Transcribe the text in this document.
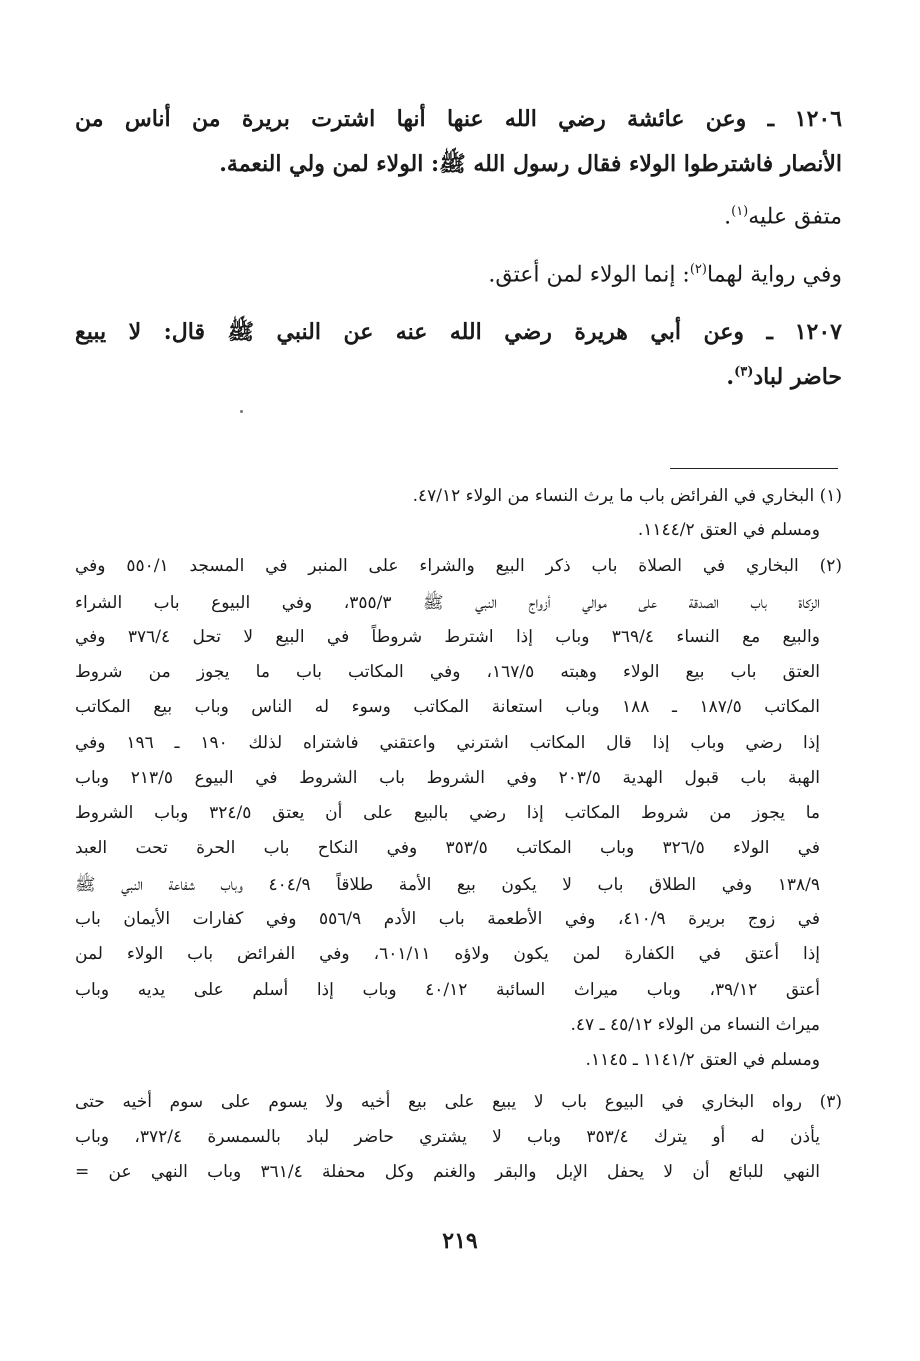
١٢٠٦ ـ وعن عائشة رضي الله عنها أنها اشترت بريرة من أناس من
الأنصار فاشترطوا الولاء فقال رسول الله ﷺ: الولاء لمن ولي النعمة.
متفق عليه$^{(١)}$.
وفي رواية لهما$^{(٢)}$: إنما الولاء لمن أعتق.
١٢٠٧ ـ وعن أبي هريرة رضي الله عنه عن النبي ﷺ قال: لا يبيع
حاضر لباد$^{(٣)}$.
(١) البخاري في الفرائض باب ما يرث النساء من الولاء ٤٧/١٢.
ومسلم في العتق ١١٤٤/٢.
(٢) البخاري في الصلاة باب ذكر البيع والشراء على المنبر في المسجد ٥٥٠/١ وفي
الزكاة باب الصدقة على موالي أزواج النبي ﷺ ٣٥٥/٣، وفي البيوع باب الشراء
والبيع مع النساء ٣٦٩/٤ وباب إذا اشترط شروطاً في البيع لا تحل ٣٧٦/٤ وفي
العتق باب بيع الولاء وهبته ١٦٧/٥، وفي المكاتب باب ما يجوز من شروط
المكاتب ١٨٧/٥ ـ ١٨٨ وباب استعانة المكاتب وسوء له الناس وباب بيع المكاتب
إذا رضي وباب إذا قال المكاتب اشترني واعتقني فاشتراه لذلك ١٩٠ ـ ١٩٦ وفي
الهبة باب قبول الهدية ٢٠٣/٥ وفي الشروط باب الشروط في البيوع ٢١٣/٥ وباب
ما يجوز من شروط المكاتب إذا رضي بالبيع على أن يعتق ٣٢٤/٥ وباب الشروط
في الولاء ٣٢٦/٥ وباب المكاتب ٣٥٣/٥ وفي النكاح باب الحرة تحت العبد
١٣٨/٩ وفي الطلاق باب لا يكون بيع الأمة طلاقاً ٤٠٤/٩ وباب شفاعة النبي ﷺ
في زوج بريرة ٤١٠/٩، وفي الأطعمة باب الأدم ٥٥٦/٩ وفي كفارات الأيمان باب
إذا أعتق في الكفارة لمن يكون ولاؤه ٦٠١/١١، وفي الفرائض باب الولاء لمن
أعتق ٣٩/١٢، وباب ميراث السائبة ٤٠/١٢ وباب إذا أسلم على يديه وباب
ميراث النساء من الولاء ٤٥/١٢ ـ ٤٧.
ومسلم في العتق ١١٤١/٢ ـ ١١٤٥.
(٣) رواه البخاري في البيوع باب لا يبيع على بيع أخيه ولا يسوم على سوم أخيه حتى
يأذن له أو يترك ٣٥٣/٤ وباب لا يشتري حاضر لباد بالسمسرة ٣٧٢/٤، وباب
النهي للبائع أن لا يحفل الإبل والبقر والغنم وكل محفلة ٣٦١/٤ وباب النهي عن =
٢١٩
